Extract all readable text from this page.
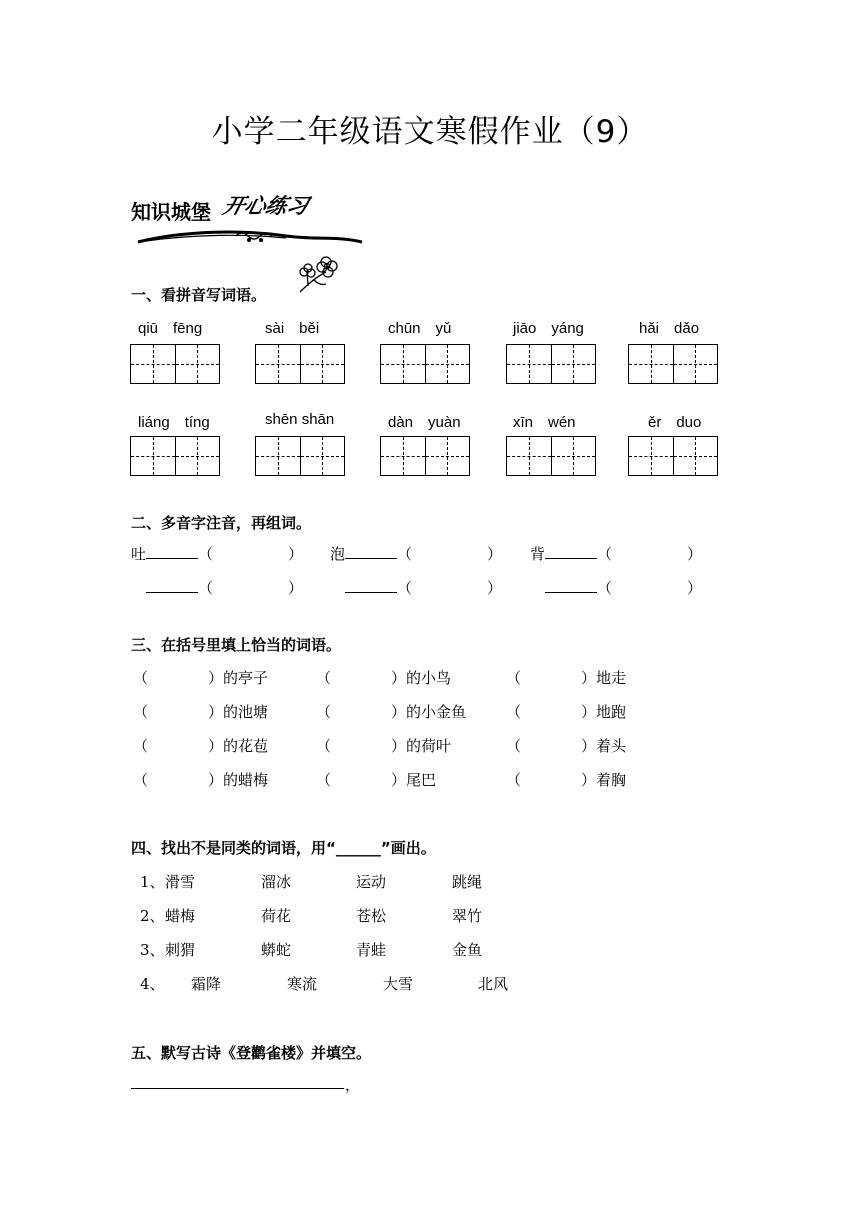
小学二年级语文寒假作业（9）
知识城堡 开心练习
一、看拼音写词语。
qiū　fēng	sài　běi	chūn　yǔ	jiāo　yáng	hǎi　dǎo
liáng　tíng	shēn shān	dàn　yuàn	xīn　wén	ěr　duo
二、多音字注音，再组词。
吐	（　　　　　） 泡	（　　　　　） 背	（　　　　　）
（　　　　　）	（　　　　　）	（　　　　　）
三、在括号里填上恰当的词语。
（　　　　）的亭子	（　　　　）的小鸟	（　　　　）地走
（　　　　）的池塘	（　　　　）的小金鱼	（　　　　）地跑
（　　　　）的花苞	（　　　　）的荷叶	（　　　　）着头
（　　　　）的蜡梅	（　　　　）尾巴	（　　　　）着胸
四、找出不是同类的词语，用“______”画出。
1、 滑雪	溜冰	运动	跳绳
2、 蜡梅	荷花	苍松	翠竹
3、 刺猬	蟒蛇	青蛙	金鱼
4、 霜降	寒流	大雪	北风
五、默写古诗《登鹳雀楼》并填空。
，
